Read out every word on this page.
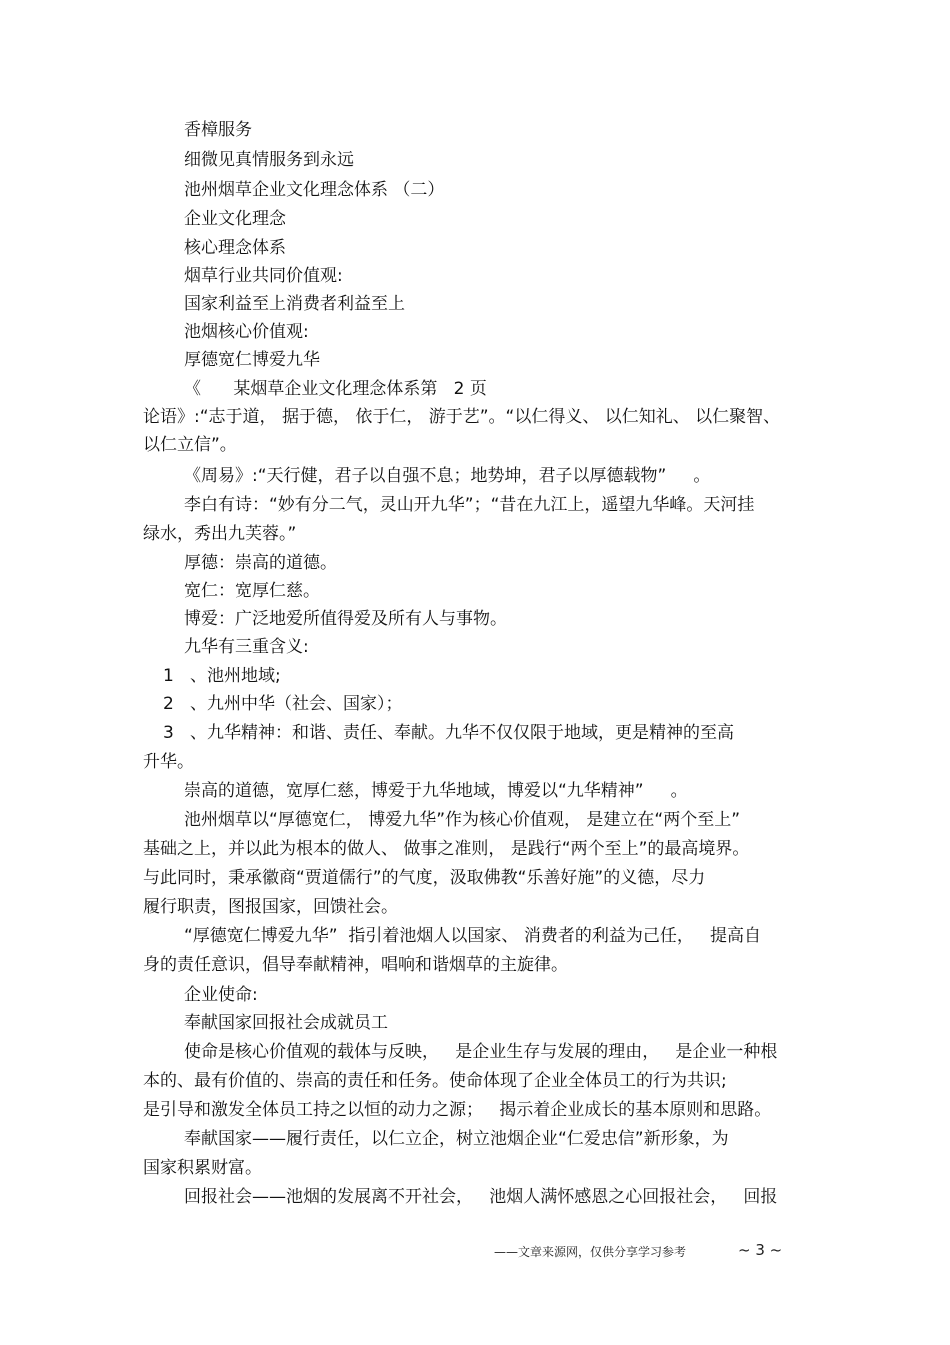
香樟服务
细微见真情服务到永远
池州烟草企业文化理念体系 （二）
企业文化理念
核心理念体系
烟草行业共同价值观:
国家利益至上消费者利益至上
池烟核心价值观:
厚德宽仁博爱九华
《      某烟草企业文化理念体系第   2 页
论语》:“志于道， 据于德， 依于仁， 游于艺”。“以仁得义、 以仁知礼、 以仁聚智、
以仁立信”。
《周易》:“天行健，君子以自强不息；地势坤，君子以厚德载物”     。
李白有诗：“妙有分二气，灵山开九华”；“昔在九江上，遥望九华峰。天河挂
绿水，秀出九芙蓉。”
厚德：崇高的道德。
宽仁：宽厚仁慈。
博爱：广泛地爱所值得爱及所有人与事物。
九华有三重含义:
1   、池州地域;
2   、九州中华（社会、国家）；
3   、九华精神：和谐、责任、奉献。九华不仅仅限于地域，更是精神的至高
升华。
崇高的道德，宽厚仁慈，博爱于九华地域，博爱以“九华精神”     。
池州烟草以“厚德宽仁， 博爱九华”作为核心价值观， 是建立在“两个至上”
基础之上，并以此为根本的做人、 做事之准则， 是践行“两个至上”的最高境界。
与此同时，秉承徽商“贾道儒行”的气度，汲取佛教“乐善好施”的义德，尽力
履行职责，图报国家，回馈社会。
“厚德宽仁博爱九华”  指引着池烟人以国家、 消费者的利益为己任，   提高自
身的责任意识，倡导奉献精神，唱响和谐烟草的主旋律。
企业使命:
奉献国家回报社会成就员工
使命是核心价值观的载体与反映，   是企业生存与发展的理由，   是企业一种根
本的、最有价值的、崇高的责任和任务。使命体现了企业全体员工的行为共识;
是引导和激发全体员工持之以恒的动力之源；   揭示着企业成长的基本原则和思路。
奉献国家——履行责任，以仁立企，树立池烟企业“仁爱忠信”新形象，为
国家积累财富。
回报社会——池烟的发展离不开社会，   池烟人满怀感恩之心回报社会，   回报
——文章来源网，仅供分享学习参考	~ 3 ~
